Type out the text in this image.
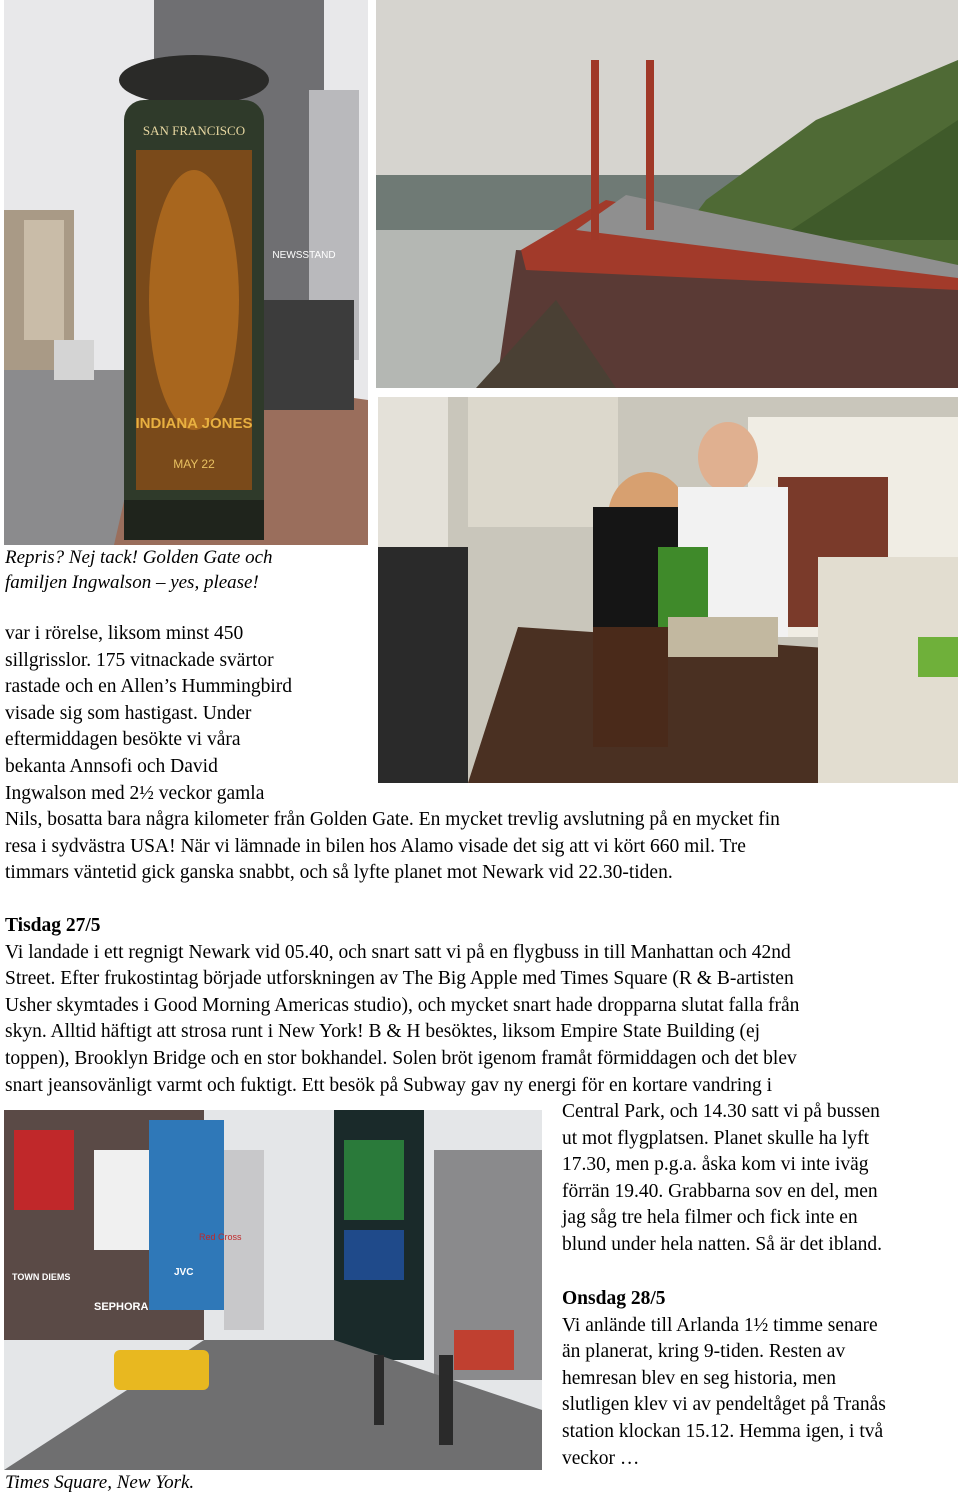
SAN FRANCISCO
INDIANA JONES
MAY 22
NEWSSTAND

Repris? Nej tack! Golden Gate och

familjen Ingwalson – yes, please!

var i rörelse, liksom minst 450

sillgrisslor. 175 vitnackade svärtor

rastade och en Allen’s Hummingbird

visade sig som hastigast. Under

eftermiddagen besökte vi våra

bekanta Annsofi och David

Ingwalson med 2½ veckor gamla

Nils, bosatta bara några kilometer från Golden Gate. En mycket trevlig avslutning på en mycket fin

resa i sydvästra USA! När vi lämnade in bilen hos Alamo visade det sig att vi kört 660 mil. Tre

timmars väntetid gick ganska snabbt, och så lyfte planet mot Newark vid 22.30-tiden.

Tisdag 27/5

Vi landade i ett regnigt Newark vid 05.40, och snart satt vi på en flygbuss in till Manhattan och 42nd

Street. Efter frukostintag började utforskningen av The Big Apple med Times Square (R & B-artisten

Usher skymtades i Good Morning Americas studio), och mycket snart hade dropparna slutat falla från

skyn. Alltid häftigt att strosa runt i New York! B & H besöktes, liksom Empire State Building (ej

toppen), Brooklyn Bridge och en stor bokhandel. Solen bröt igenom framåt förmiddagen och det blev

snart jeansovänligt varmt och fuktigt. Ett besök på Subway gav ny energi för en kortare vandring i

SEPHORA
JVC
Red Cross
TOWN DIEMS

Central Park, och 14.30 satt vi på bussen

ut mot flygplatsen. Planet skulle ha lyft

17.30, men p.g.a. åska kom vi inte iväg

förrän 19.40. Grabbarna sov en del, men

jag såg tre hela filmer och fick inte en

blund under hela natten. Så är det ibland.

Onsdag 28/5

Vi anlände till Arlanda 1½ timme senare

än planerat, kring 9-tiden. Resten av

hemresan blev en seg historia, men

slutligen klev vi av pendeltåget på Tranås

station klockan 15.12. Hemma igen, i två

veckor …

Times Square, New York.
